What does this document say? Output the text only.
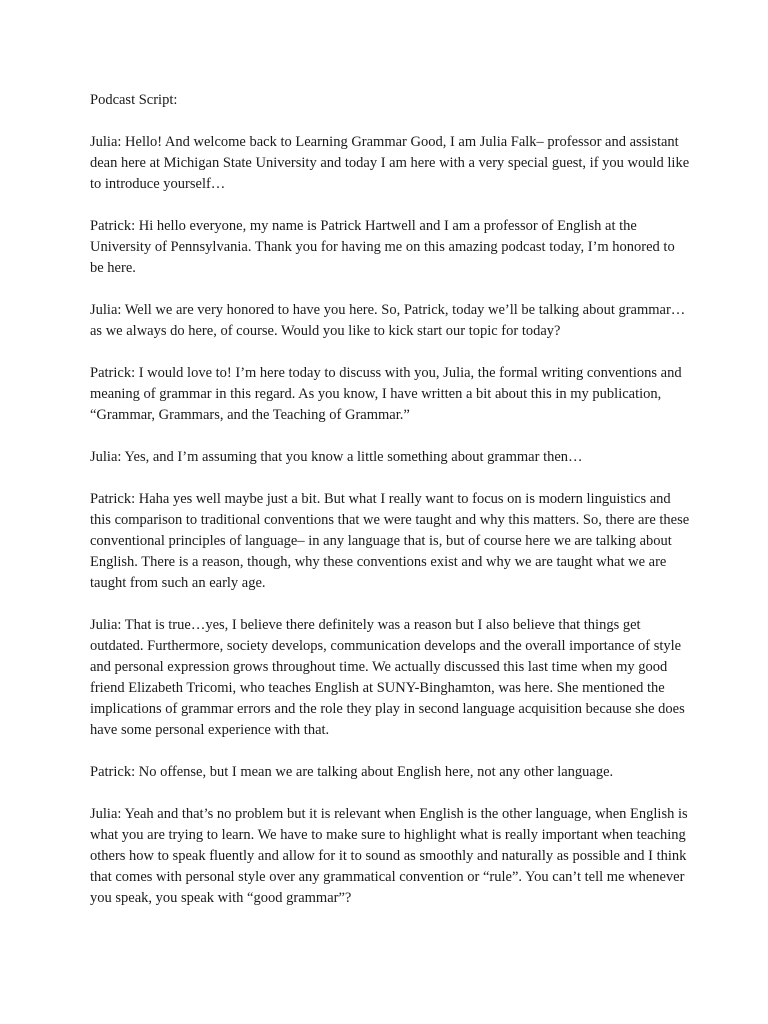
Podcast Script:

Julia: Hello! And welcome back to Learning Grammar Good, I am Julia Falk– professor and assistant dean here at Michigan State University and today I am here with a very special guest, if you would like to introduce yourself…

Patrick: Hi hello everyone, my name is Patrick Hartwell and I am a professor of English at the University of Pennsylvania. Thank you for having me on this amazing podcast today, I’m honored to be here.

Julia: Well we are very honored to have you here. So, Patrick, today we’ll be talking about grammar… as we always do here, of course. Would you like to kick start our topic for today?

Patrick: I would love to! I’m here today to discuss with you, Julia, the formal writing conventions and meaning of grammar in this regard. As you know, I have written a bit about this in my publication, “Grammar, Grammars, and the Teaching of Grammar.”

Julia: Yes, and I’m assuming that you know a little something about grammar then…

Patrick: Haha yes well maybe just a bit. But what I really want to focus on is modern linguistics and this comparison to traditional conventions that we were taught and why this matters. So, there are these conventional principles of language– in any language that is, but of course here we are talking about English. There is a reason, though, why these conventions exist and why we are taught what we are taught from such an early age.

Julia: That is true…yes, I believe there definitely was a reason but I also believe that things get outdated. Furthermore, society develops, communication develops and the overall importance of style and personal expression grows throughout time. We actually discussed this last time when my good friend Elizabeth Tricomi, who teaches English at SUNY-Binghamton, was here. She mentioned the implications of grammar errors and the role they play in second language acquisition because she does have some personal experience with that.

Patrick: No offense, but I mean we are talking about English here, not any other language.

Julia: Yeah and that’s no problem but it is relevant when English is the other language, when English is what you are trying to learn. We have to make sure to highlight what is really important when teaching others how to speak fluently and allow for it to sound as smoothly and naturally as possible and I think that comes with personal style over any grammatical convention or “rule”. You can’t tell me whenever you speak, you speak with “good grammar”?
